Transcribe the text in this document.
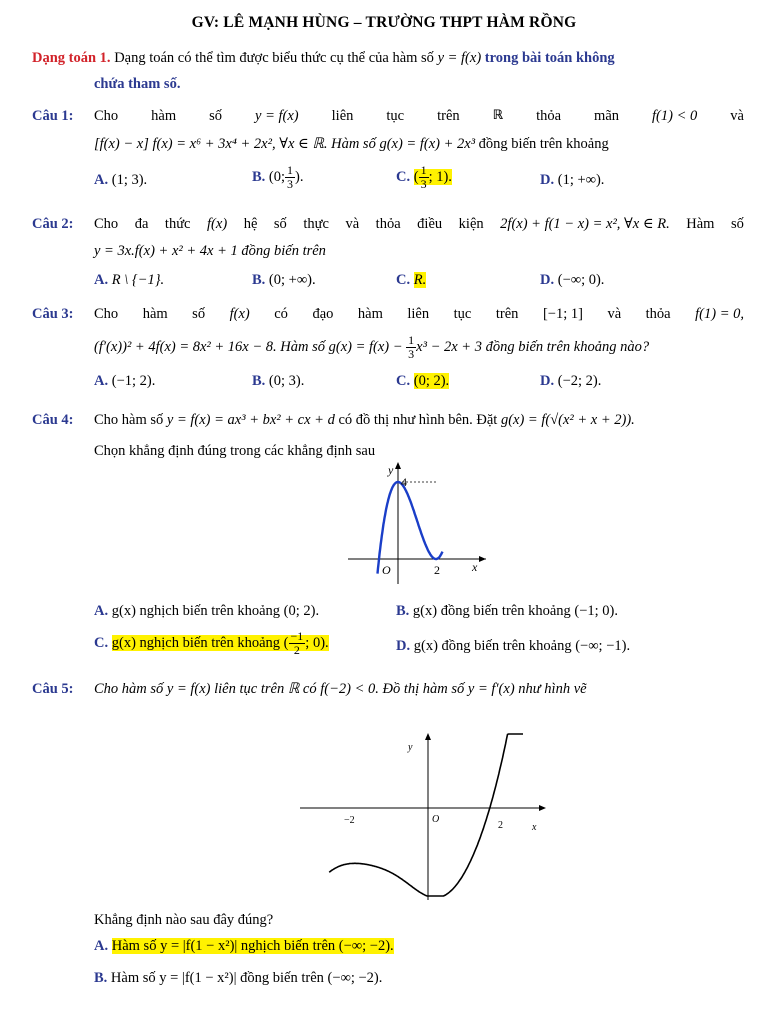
GV: LÊ MẠNH HÙNG – TRƯỜNG THPT HÀM RỒNG
Dạng toán 1. Dạng toán có thể tìm được biểu thức cụ thể của hàm số y = f(x) trong bài toán không
chứa tham số.
Câu 1: Cho hàm số y = f(x) liên tục trên	ℝ thỏa mãn f(1) < 0 và
[f(x) − x] f(x) = x⁶ + 3x⁴ + 2x², ∀x ∈ ℝ. Hàm số g(x) = f(x) + 2x³ đồng biến trên khoảng
A. (1; 3).	B. (0; $\frac{1}{3}$ ).	C. ( $\frac{1}{3}$ ; 1).	D. (1; +∞).
Câu 2: Cho đa thức f(x) hệ số thực và thỏa điều kiện 2f(x) + f(1 − x) = x², ∀x ∈ R. Hàm số
y = 3x.f(x) + x² + 4x + 1 đồng biến trên
A. R \ {−1}.	B. (0; +∞).	C. R.	D. (−∞; 0).
Câu 3: Cho hàm số f(x) có đạo hàm liên tục trên [−1; 1] và thỏa f(1) = 0,
(f′(x))² + 4f(x) = 8x² + 16x − 8. Hàm số $g(x) = f(x) - \frac{1}{3} x^3 - 2x + 3$ đồng biến trên khoảng nào?
A. (−1; 2).	B. (0; 3).	C. (0; 2).	D. (−2; 2).
Câu 4: Cho hàm số y = f(x) = ax³ + bx² + cx + d có đồ thị như hình bên. Đặt g(x) = f(√(x² + x + 2)).
Chọn khẳng định đúng trong các khẳng định sau
y
4
O	2	x
A. g(x) nghịch biến trên khoảng (0; 2).	B. g(x) đồng biến trên khoảng (−1; 0).
C. g(x) nghịch biến trên khoảng ( $\frac{-1}{2}$ ; 0).	D. g(x) đồng biến trên khoảng (−∞; −1).
Câu 5: Cho hàm số y = f(x) liên tục trên ℝ có f(−2) < 0. Đồ thị hàm số y = f′(x) như hình vẽ
y
−2	O
2	x
Khẳng định nào sau đây đúng?
A. Hàm số y = |f(1 − x²)| nghịch biến trên (−∞; −2).
B. Hàm số y = |f(1 − x²)| đồng biến trên (−∞; −2).
